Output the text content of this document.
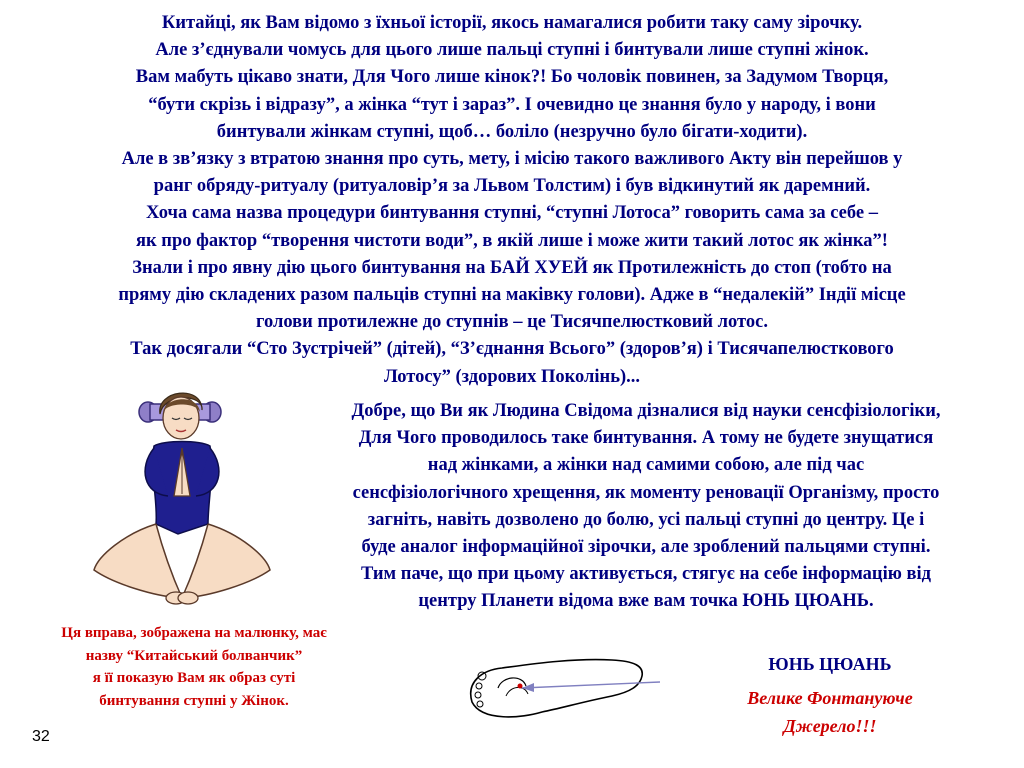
Китайці, як Вам відомо з їхньої історії, якось намагалися робити таку саму зірочку.
Але з’єднували чомусь для цього лише пальці ступні і бинтували лише ступні жінок.
Вам мабуть цікаво знати, Для Чого лише кінок?! Бо чоловік повинен, за Задумом Творця,
“бути скрізь і відразу”, а жінка “тут і зараз”. І очевидно це знання було у народу, і вони
бинтували жінкам ступні, щоб… боліло (незручно було бігати-ходити).
Але в зв’язку з втратою знання про суть, мету, і місію такого важливого Акту він перейшов у
ранг обряду-ритуалу (ритуаловір’я за Львом Толстим) і був відкинутий як даремний.
Хоча сама назва процедури бинтування ступні, “ступні Лотоса” говорить сама за себе –
як про фактор “творення чистоти води”, в якій лише і може жити такий лотос як жінка”!
Знали і про явну дію цього бинтування на БАЙ ХУЕЙ як Протилежність до стоп (тобто на
пряму дію складених разом пальців ступні на маківку голови). Адже в “недалекій” Індії місце
голови протилежне до ступнів – це Тисячпелюстковий лотос.
Так досягали “Сто Зустрічей” (дітей), “З’єднання Всього” (здоров’я) і Тисячапелюсткового
Лотосу” (здорових Поколінь)...
Добре, що Ви як Людина Свідома дізналися від науки сенсфізіологіки,
Для Чого проводилось таке бинтування. А тому не будете знущатися
над жінками, а жінки над самими собою, але під час
сенсфізіологічного хрещення, як моменту реновації Організму, просто
загніть, навіть дозволено до болю, усі пальці ступні до центру. Це і
буде аналог інформаційної зірочки, але зроблений пальцями ступні.
Тим паче, що при цьому активується, стягує на себе інформацію від
центру Планети відома вже вам точка ЮНЬ ЦЮАНЬ.
Ця вправа, зображена на малюнку, має
назву “Китайський болванчик”
я її показую Вам як образ суті
бинтування ступні у Жінок.
ЮНЬ ЦЮАНЬ
Велике Фонтануюче
Джерело!!!
32
